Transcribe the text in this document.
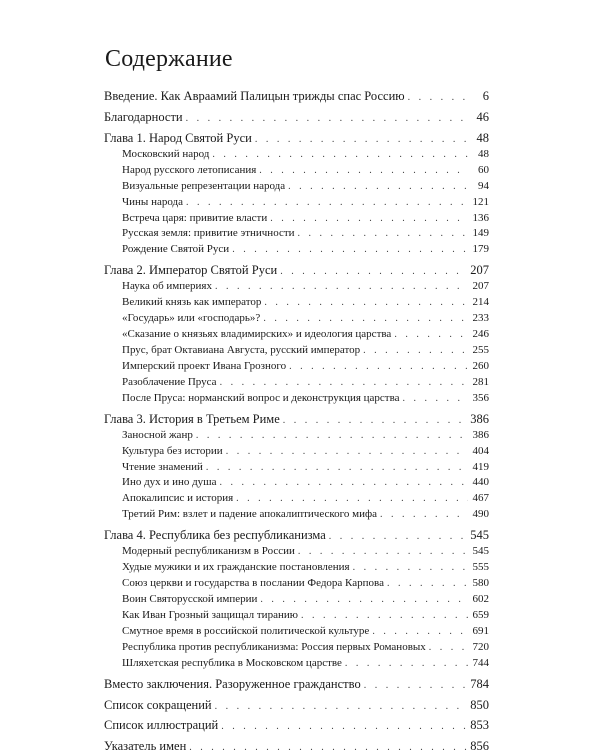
Содержание
Введение. Как Авраамий Палицын трижды спас Россию . . .	6
Благодарности . . .	46
Глава 1. Народ Святой Руси . . .	48
Московский народ . . .	48
Народ русского летописания . . .	60
Визуальные репрезентации народа . . .	94
Чины народа . . .	121
Встреча царя: привитие власти . . .	136
Русская земля: привитие этничности . . .	149
Рождение Святой Руси . . .	179
Глава 2. Император Святой Руси . . .	207
Наука об империях . . .	207
Великий князь как император . . .	214
«Государь» или «господарь»? . . .	233
«Сказание о князьях владимирских» и идеология царства . . .	246
Прус, брат Октавиана Августа, русский император . . .	255
Имперский проект Ивана Грозного . . .	260
Разоблачение Пруса . . .	281
После Пруса: норманский вопрос и деконструкция царства . . .	356
Глава 3. История в Третьем Риме . . .	386
Заносной жанр . . .	386
Культура без истории . . .	404
Чтение знамений . . .	419
Ино дух и ино душа . . .	440
Апокалипсис и история . . .	467
Третий Рим: взлет и падение апокалиптического мифа . . .	490
Глава 4. Республика без республиканизма . . .	545
Модерный республиканизм в России . . .	545
Худые мужики и их гражданские постановления . . .	555
Союз церкви и государства в послании Федора Карпова . . .	580
Воин Святорусской империи . . .	602
Как Иван Грозный защищал тиранию . . .	659
Смутное время в российской политической культуре . . .	691
Республика против республиканизма: Россия первых Романовых . . .	720
Шляхетская республика в Московском царстве . . .	744
Вместо заключения. Разоруженное гражданство . . .	784
Список сокращений . . .	850
Список иллюстраций . . .	853
Указатель имен . . .	856
